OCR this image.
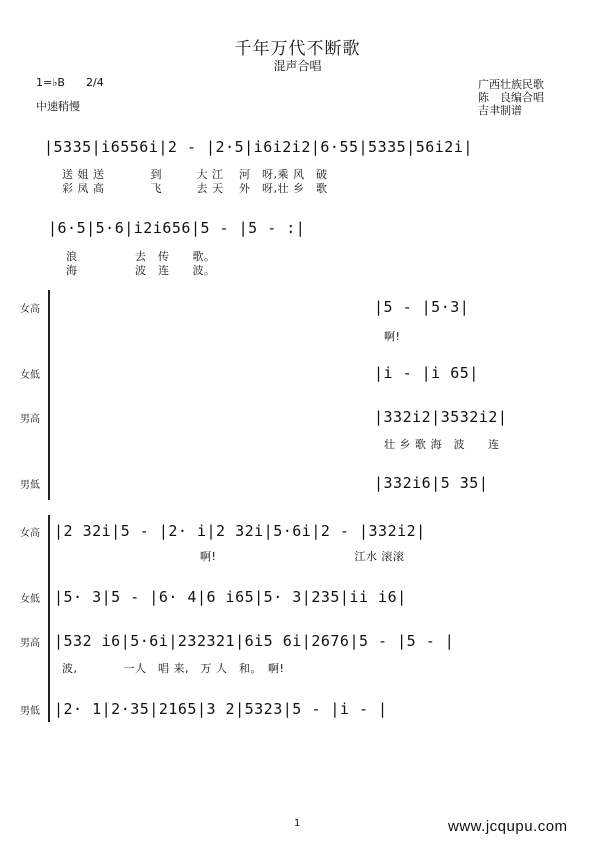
千年万代不断歌
混声合唱
1=♭B 2/4
中速稍慢
广西壮族民歌
陈　良编合唱
吉聿制谱
|5335|i6556i|2 - |2·5|i6i2i2|6·55|5335|56i2i|
送 姐 送　　　　到　　　大 江　 河　呀,乘 风　破
彩 凤 高　　　　飞　　　去 天　 外　呀,壮 乡　歌
|6·5|5·6|i2i656|5 - |5 - :|
浪　　　　　去　传　　歌。
海　　　　　波　连　　波。
女高	|5 - |5·3|
啊!
女低	|i - |i 65|
男高	|332i2|3532i2|
壮 乡 歌 海　波　　连
男低	|332i6|5 35|
女高 |2 32i|5 - |2· i|2 32i|5·6i|2 - |332i2|
啊!　　　　　　　　　　　　江水 滚滚
女低 |5· 3|5 - |6· 4|6 i65|5· 3|235|ii i6|
男高 |532 i6|5·6i|232321|6i5 6i|2676|5 - |5 - |
波,　　　　一人　唱 来,　万 人　和。　啊!
男低 |2· 1|2·35|2165|3 2|5323|5 - |i - |
1	www.jcqupu.com
